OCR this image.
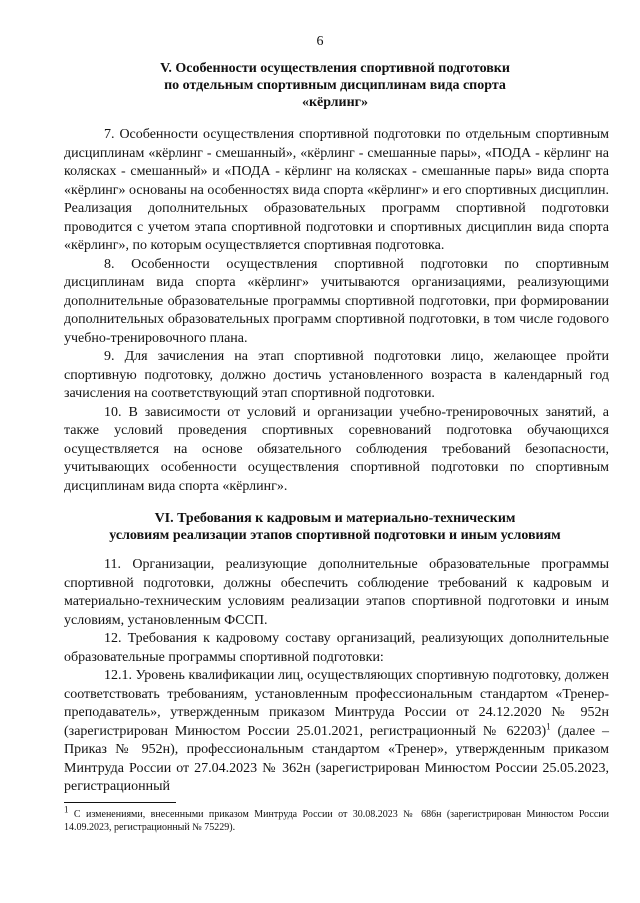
6
V. Особенности осуществления спортивной подготовки
по отдельным спортивным дисциплинам вида спорта
«кёрлинг»

7. Особенности осуществления спортивной подготовки по отдельным спортивным дисциплинам «кёрлинг - смешанный», «кёрлинг - смешанные пары», «ПОДА - кёрлинг на колясках - смешанный» и «ПОДА - кёрлинг на колясках - смешанные пары» вида спорта «кёрлинг» основаны на особенностях вида спорта «кёрлинг» и его спортивных дисциплин. Реализация дополнительных образовательных программ спортивной подготовки проводится с учетом этапа спортивной подготовки и спортивных дисциплин вида спорта «кёрлинг», по которым осуществляется спортивная подготовка.

8. Особенности осуществления спортивной подготовки по спортивным дисциплинам вида спорта «кёрлинг» учитываются организациями, реализующими дополнительные образовательные программы спортивной подготовки, при формировании дополнительных образовательных программ спортивной подготовки, в том числе годового учебно-тренировочного плана.

9. Для зачисления на этап спортивной подготовки лицо, желающее пройти спортивную подготовку, должно достичь установленного возраста в календарный год зачисления на соответствующий этап спортивной подготовки.

10. В зависимости от условий и организации учебно-тренировочных занятий, а также условий проведения спортивных соревнований подготовка обучающихся осуществляется на основе обязательного соблюдения требований безопасности, учитывающих особенности осуществления спортивной подготовки по спортивным дисциплинам вида спорта «кёрлинг».

VI. Требования к кадровым и материально-техническим
условиям реализации этапов спортивной подготовки и иным условиям

11. Организации, реализующие дополнительные образовательные программы спортивной подготовки, должны обеспечить соблюдение требований к кадровым и материально-техническим условиям реализации этапов спортивной подготовки и иным условиям, установленным ФССП.

12. Требования к кадровому составу организаций, реализующих дополнительные образовательные программы спортивной подготовки:

12.1. Уровень квалификации лиц, осуществляющих спортивную подготовку, должен соответствовать требованиям, установленным профессиональным стандартом «Тренер-преподаватель», утвержденным приказом Минтруда России от 24.12.2020 № 952н (зарегистрирован Минюстом России 25.01.2021, регистрационный № 62203)$^1$ (далее – Приказ № 952н), профессиональным стандартом «Тренер», утвержденным приказом Минтруда России от 27.04.2023 № 362н (зарегистрирован Минюстом России 25.05.2023, регистрационный

$^1$ С изменениями, внесенными приказом Минтруда России от 30.08.2023 № 686н (зарегистрирован Минюстом России 14.09.2023, регистрационный № 75229).
